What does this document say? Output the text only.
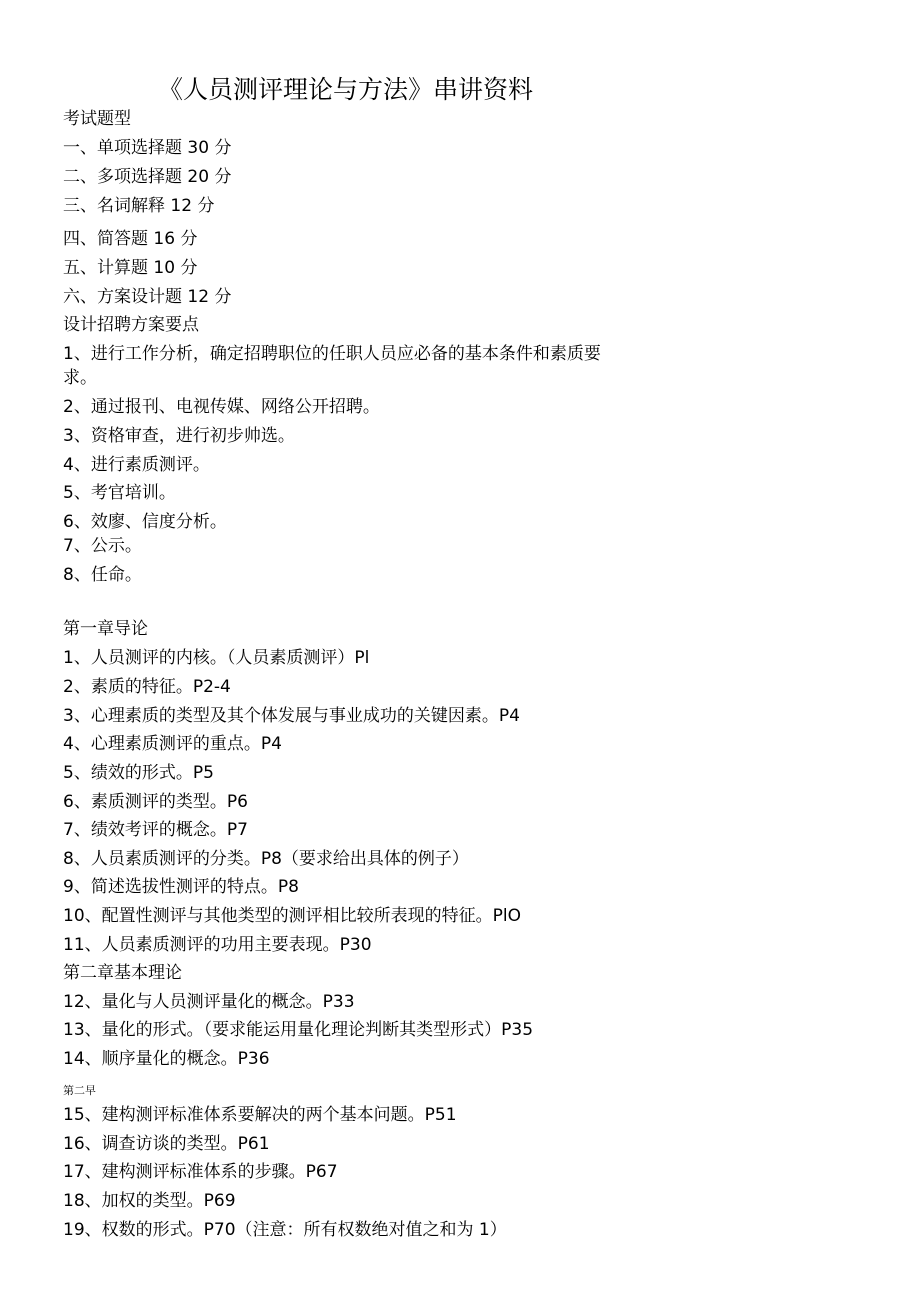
《人员测评理论与方法》串讲资料
考试题型
一、单项选择题 30 分
二、多项选择题 20 分
三、名词解释 12 分
四、简答题 16 分
五、计算题 10 分
六、方案设计题 12 分
设计招聘方案要点
1、进行工作分析，确定招聘职位的任职人员应必备的基本条件和素质要
求。
2、通过报刊、电视传媒、网络公开招聘。
3、资格审查，进行初步帅选。
4、进行素质测评。
5、考官培训。
6、效廖、信度分析。
7、公示。
8、任命。
第一章导论
1、人员测评的内核。（人员素质测评）Pl
2、素质的特征。P2-4
3、心理素质的类型及其个体发展与事业成功的关键因素。P4
4、心理素质测评的重点。P4
5、绩效的形式。P5
6、素质测评的类型。P6
7、绩效考评的概念。P7
8、人员素质测评的分类。P8（要求给出具体的例子）
9、简述选拔性测评的特点。P8
10、配置性测评与其他类型的测评相比较所表现的特征。PlO
11、人员素质测评的功用主要表现。P30
第二章基本理论
12、量化与人员测评量化的概念。P33
13、量化的形式。（要求能运用量化理论判断其类型形式）P35
14、顺序量化的概念。P36
第二早
15、建构测评标准体系要解决的两个基本问题。P51
16、调查访谈的类型。P61
17、建构测评标准体系的步骤。P67
18、加权的类型。P69
19、权数的形式。P70（注意：所有权数绝对值之和为 1）
